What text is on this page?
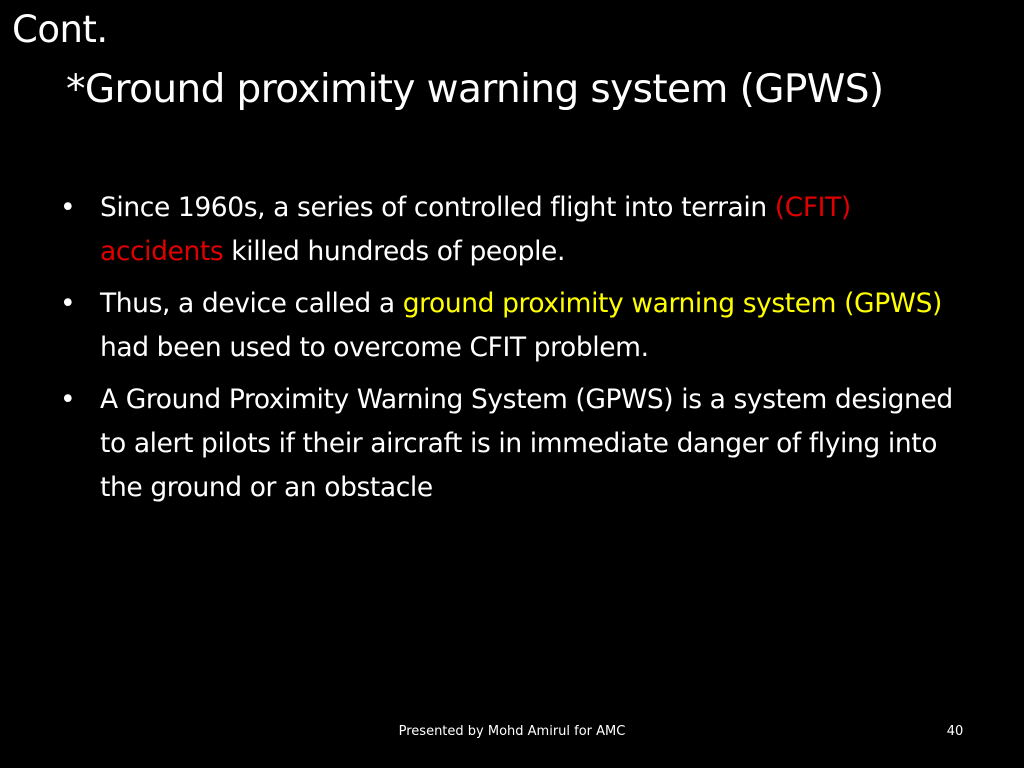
Cont.
*Ground proximity warning system (GPWS)
• Since 1960s, a series of controlled flight into terrain (CFIT) accidents killed hundreds of people.
• Thus, a device called a ground proximity warning system (GPWS) had been used to overcome CFIT problem.
• A Ground Proximity Warning System (GPWS) is a system designed to alert pilots if their aircraft is in immediate danger of flying into the ground or an obstacle
Presented by Mohd Amirul for AMC	40
